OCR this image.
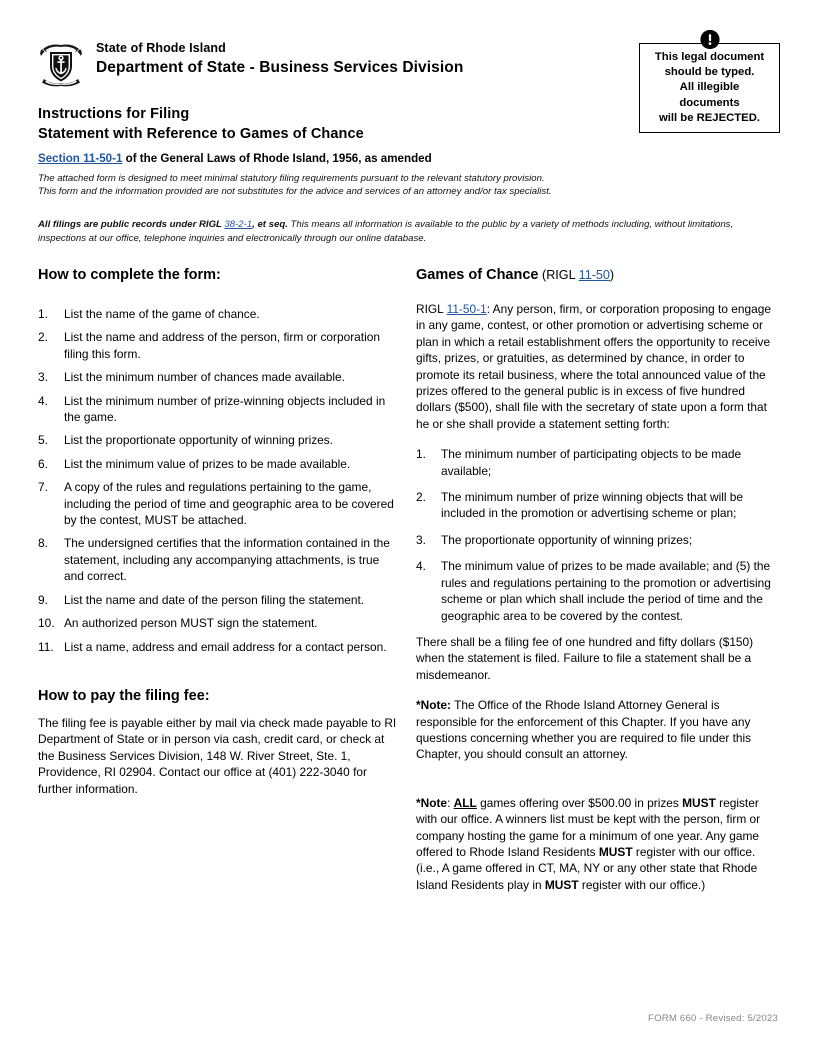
State of Rhode Island
Department of State - Business Services Division
This legal document
should be typed.
All illegible
documents
will be REJECTED.
Instructions for Filing
Statement with Reference to Games of Chance
Section 11-50-1 of the General Laws of Rhode Island, 1956, as amended
The attached form is designed to meet minimal statutory filing requirements pursuant to the relevant statutory provision.
This form and the information provided are not substitutes for the advice and services of an attorney and/or tax specialist.
All filings are public records under RIGL 38-2-1, et seq. This means all information is available to the public by a variety of methods including, without limitations, inspections at our office, telephone inquiries and electronically through our online database.
How to complete the form:
1.	List the name of the game of chance.
2.	List the name and address of the person, firm or corporation filing this form.
3.	List the minimum number of chances made available.
4.	List the minimum number of prize-winning objects included in the game.
5.	List the proportionate opportunity of winning prizes.
6.	List the minimum value of prizes to be made available.
7.	A copy of the rules and regulations pertaining to the game, including the period of time and geographic area to be covered by the contest, MUST be attached.
8.	The undersigned certifies that the information contained in the statement, including any accompanying attachments, is true and correct.
9.	List the name and date of the person filing the statement.
10. An authorized person MUST sign the statement.
11. List a name, address and email address for a contact person.
How to pay the filing fee:

The filing fee is payable either by mail via check made payable to RI Department of State or in person via cash, credit card, or check at the Business Services Division, 148 W. River Street, Ste. 1, Providence, RI 02904. Contact our office at (401) 222-3040 for further information.

Games of Chance (RIGL 11-50)

RIGL 11-50-1: Any person, firm, or corporation proposing to engage in any game, contest, or other promotion or advertising scheme or plan in which a retail establishment offers the opportunity to receive gifts, prizes, or gratuities, as determined by chance, in order to promote its retail business, where the total announced value of the prizes offered to the general public is in excess of five hundred dollars ($500), shall file with the secretary of state upon a form that he or she shall provide a statement setting forth:

1.	The minimum number of participating objects to be made available;
2.	The minimum number of prize winning objects that will be included in the promotion or advertising scheme or plan;
3.	The proportionate opportunity of winning prizes;
4.	The minimum value of prizes to be made available; and (5) the rules and regulations pertaining to the promotion or advertising scheme or plan which shall include the period of time and the geographic area to be covered by the contest.

There shall be a filing fee of one hundred and fifty dollars ($150) when the statement is filed. Failure to file a statement shall be a misdemeanor.

*Note: The Office of the Rhode Island Attorney General is responsible for the enforcement of this Chapter. If you have any questions concerning whether you are required to file under this Chapter, you should consult an attorney.

*Note: ALL games offering over $500.00 in prizes MUST register with our office. A winners list must be kept with the person, firm or company hosting the game for a minimum of one year. Any game offered to Rhode Island Residents MUST register with our office. (i.e., A game offered in CT, MA, NY or any other state that Rhode Island Residents play in MUST register with our office.)

FORM 660 - Revised: 5/2023
